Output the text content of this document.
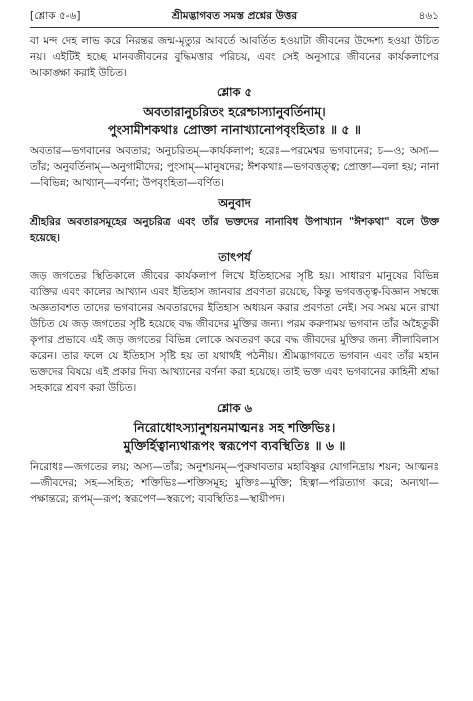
[শ্লোক ৫-৬]	শ্রীমদ্ভাগবত সমস্ত প্রশ্নের উত্তর	৪৬১

বা মন্দ দেহ লাভ করে নিরন্তর জন্ম-মৃত্যুর আবর্তে আবর্তিত হওয়াটা জীবনের উদ্দেশ্য হওয়া উচিত নয়। এইটিই হচ্ছে মানবজীবনের বুদ্ধিমত্তার পরিচয়, এবং সেই অনুসারে জীবনের কার্যকলাপের আকাঙ্ক্ষা করাই উচিত।

শ্লোক ৫
অবতারানুচরিতং হরেশ্চাস্যানুবর্তিনাম্।
পুংসামীশকথাঃ প্রোক্তা নানাখ্যানোপবৃংহিতাঃ ॥ ৫ ॥

অবতার—ভগবানের অবতার; অনুচরিতম্—কার্যকলাপ; হরেঃ—পরমেশ্বর ভগবানের; চ—ও; অস্য—তাঁর; অনুবর্তিনাম্—অনুগামীদের; পুংসাম্—মানুষদের; ঈশকথাঃ—ভগবত্তত্ত্ব; প্রোক্তা—বলা হয়; নানা—বিভিন্ন; আখ্যান্—বর্ণনা; উপবৃংহিতা—বর্ণিত।

অনুবাদ

শ্রীহরির অবতারসমূহের অনুচরিত্র এবং তাঁর ভক্তদের নানাবিধ উপাখ্যান "ঈশকথা" বলে উক্ত হয়েছে।

তাৎপর্য

জড় জগতের স্থিতিকালে জীবের কার্যকলাপ লিখে ইতিহাসের সৃষ্টি হয়। সাধারণ মানুষের বিভিন্ন ব্যক্তির এবং কালের আখ্যান এবং ইতিহাস জানবার প্রবণতা রয়েছে, কিন্তু ভগবত্তত্ত্ব-বিজ্ঞান সম্বন্ধে অজ্ঞতাবশত তাদের ভগবানের অবতারদের ইতিহাস অধ্যয়ন করার প্রবণতা নেই। সব সময় মনে রাখা উচিত যে জড় জগতের সৃষ্টি হয়েছে বদ্ধ জীবদের মুক্তির জন্য। পরম করুণাময় ভগবান তাঁর অহৈতুকী কৃপার প্রভাবে এই জড় জগতের বিভিন্ন লোকে অবতরণ করে বদ্ধ জীবদের মুক্তির জন্য লীলাবিলাস করেন। তার ফলে যে ইতিহাস সৃষ্টি হয় তা যথার্থই পঠনীয়। শ্রীমদ্ভাগবতে ভগবান এবং তাঁর মহান ভক্তদের বিষয়ে এই প্রকার দিব্য আখ্যানের বর্ণনা করা হয়েছে। তাই ভক্ত এবং ভগবানের কাহিনী শ্রদ্ধা সহকারে শ্রবণ করা উচিত।

শ্লোক ৬
নিরোধোঽস্যানুশয়নমাত্মনঃ সহ শক্তিভিঃ।
মুক্তির্হিত্বান্যথারূপং স্বরূপেণ ব্যবস্থিতিঃ ॥ ৬ ॥

নিরোধঃ—জগতের লয়; অস্য—তাঁর; অনুশয়নম্—পুরুষাবতার মহাবিষ্ণুর যোগনিদ্রায় শয়ন; আত্মনঃ—জীবদের; সহ—সহিত; শক্তিভিঃ—শক্তিসমূহ; মুক্তিঃ—মুক্তি; হিত্বা—পরিত্যাগ করে; অন্যথা—পক্ষান্তরে; রূপম্—রূপ; স্বরূপেণ—স্বরূপে; ব্যবস্থিতিঃ—স্থায়ীপদ।
